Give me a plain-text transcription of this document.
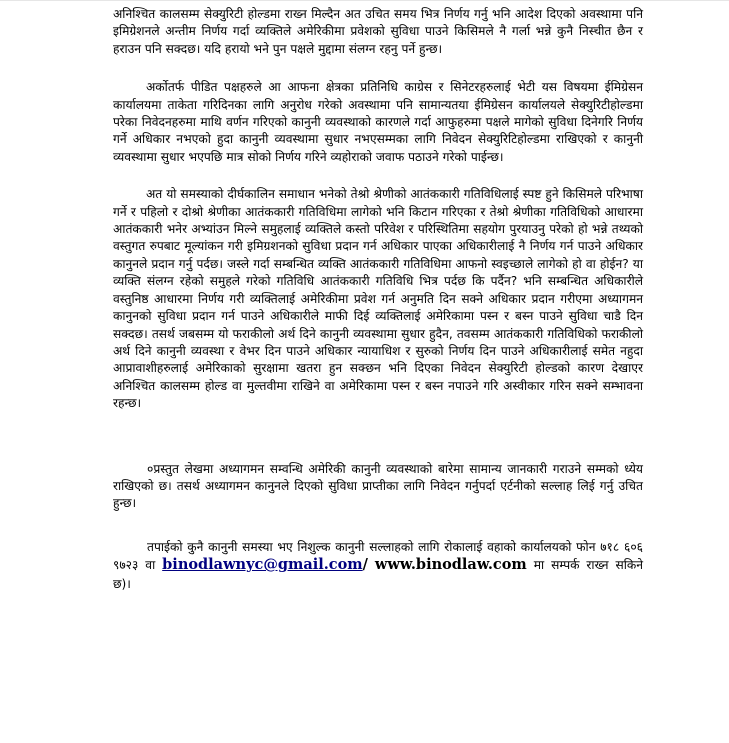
अनिश्चित कालसम्म सेक्युरिटी होल्डमा राख्न मिल्दैन अत उचित समय भित्र निर्णय गर्नु भनि आदेश दिएको अवस्थामा पनि इमिग्रेशनले अन्तीम निर्णय गर्दा व्यक्तिले अमेरिकीमा प्रवेशको सुविधा पाउने किसिमले नै गर्ला भन्ने कुनै निस्चीत छैन र हराउन पनि सक्दछ। यदि हरायो भने पुन पक्षले मुद्दामा संलग्न रहनु पर्ने हुन्छ।

अर्कोतर्फ पीडित पक्षहरुले आ आफना क्षेत्रका प्रतिनिधि काग्रेस र सिनेटरहरुलाई भेटी यस विषयमा ईमिग्रेसन कार्यालयमा ताकेता गरिदिनका लागि अनुरोध गरेको अवस्थामा पनि सामान्यतया ईमिग्रेसन कार्यालयले सेक्युरिटीहोल्डमा परेका निवेदनहरुमा माथि वर्णन गरिएको कानुनी व्यवस्थाको कारणले गर्दा आफुहरुमा पक्षले मागेको सुविधा दिनेगरि निर्णय गर्ने अधिकार नभएको हुदा कानुनी व्यवस्थामा सुधार नभएसम्मका लागि निवेदन सेक्युरिटिहोल्डमा राखिएको र कानुनी व्यवस्थामा सुधार भएपछि मात्र सोको निर्णय गरिने व्यहोराको जवाफ पठाउने गरेको पाईन्छ।

अत यो समस्याको दीर्घकालिन समाधान भनेको तेश्रो श्रेणीको आतंककारी गतिविधिलाई स्पष्ट हुने किसिमले परिभाषा गर्ने र पहिलो र दोश्रो श्रेणीका आतंककारी गतिविधिमा लागेको भनि किटान गरिएका र तेश्रो श्रेणीका गतिविधिको आधारमा आतंककारी भनेर अभ्यांउन मिल्ने समुहलाई व्यक्तिले कस्तो परिवेश र परिस्थितिमा सहयोग पुरयाउनु परेको हो भन्ने तथ्यको वस्तुगत रुपबाट मूल्यांकन गरी इमिग्रशनको सुविधा प्रदान गर्न अधिकार पाएका अधिकारीलाई नै निर्णय गर्न पाउने अधिकार कानुनले प्रदान गर्नु पर्दछ। जस्ले गर्दा सम्बन्धित व्यक्ति आतंककारी गतिविधिमा आफनो स्वइच्छाले लागेको हो वा होईन? या व्यक्ति संलग्न रहेको समुहले गरेको गतिविधि आतंककारी गतिविधि भित्र पर्दछ कि पर्दैन? भनि सम्बन्धित अधिकारीले वस्तुनिष्ठ आधारमा निर्णय गरी व्यक्तिलाई अमेरिकीमा प्रवेश गर्न अनुमति दिन सक्ने अधिकार प्रदान गरीएमा अध्यागमन कानुनको सुविधा प्रदान गर्न पाउने अधिकारीले माफी दिई व्यक्तिलाई अमेरिकामा पस्न र बस्न पाउने सुविधा चाडै दिन सक्दछ। तसर्थ जबसम्म यो फराकीलो अर्थ दिने कानुनी व्यवस्थामा सुधार हुदैन, तवसम्म आतंककारी गतिविधिको फराकीलो अर्थ दिने कानुनी व्यवस्था र वेभर दिन पाउने अधिकार न्यायाधिश र सुरुको निर्णय दिन पाउने अधिकारीलाई समेत नहुदा आप्रावाशीहरुलाई अमेरिकाको सुरक्षामा खतरा हुन सक्छन भनि दिएका निवेदन सेक्युरिटी होल्डको कारण देखाएर अनिश्चित कालसम्म होल्ड वा मुल्तवीमा राखिने वा अमेरिकामा पस्न र बस्न नपाउने गरि अस्वीकार गरिन सक्ने सम्भावना रहन्छ।

०प्रस्तुत लेखमा अध्यागमन सम्वन्धि अमेरिकी कानुनी व्यवस्थाको बारेमा सामान्य जानकारी गराउने सम्मको ध्येय राखिएको छ। तसर्थ अध्यागमन कानुनले दिएको सुविधा प्राप्तीका लागि निवेदन गर्नुपर्दा एर्टनीको सल्लाह लिई गर्नु उचित हुन्छ।

तपाईको कुनै कानुनी समस्या भए निशुल्क कानुनी सल्लाहको लागि रोकालाई वहाको कार्यालयको फोन ७१८ ६०६ ९७२३ वा binodlawnyc@gmail.com/ www.binodlaw.com मा सम्पर्क राख्न सकिने छ)।
